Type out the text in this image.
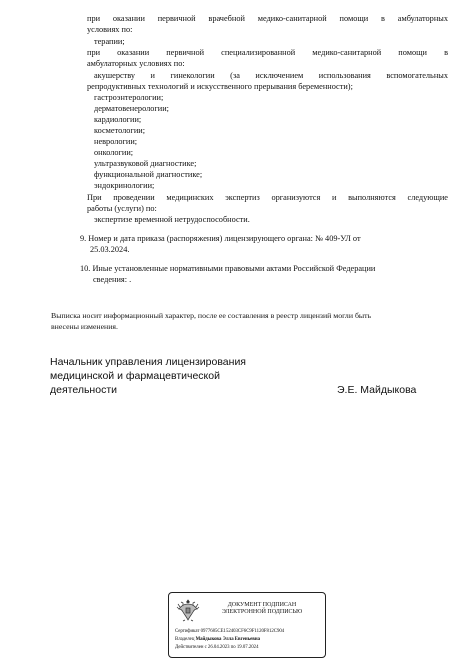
при оказании первичной врачебной медико-санитарной помощи в амбулаторных
условиях по:
терапии;
при оказании первичной специализированной медико-санитарной помощи в
амбулаторных условиях по:
акушерству и гинекологии (за исключением использования вспомогательных
репродуктивных технологий и искусственного прерывания беременности);
гастроэнтерологии;
дерматовенерологии;
кардиологии;
косметологии;
неврологии;
онкологии;
ультразвуковой диагностике;
функциональной диагностике;
эндокринологии;
При проведении медицинских экспертиз организуются и выполняются следующие
работы (услуги) по:
экспертизе временной нетрудоспособности.
9. Номер и дата приказа (распоряжения) лицензирующего органа: № 409-УЛ от
25.03.2024.
10. Иные установленные нормативными правовыми актами Российской Федерации
сведения: .
Выписка носит информационный характер, после ее составления в реестр лицензий могли быть
внесены изменения.
Начальник управления лицензирования
медицинской и фармацевтической
деятельности	Э.Е. Майдыкова
ДОКУМЕНТ ПОДПИСАН
ЭЛЕКТРОННОЙ ПОДПИСЬЮ
Сертификат 0977685CE152403CF6C9F1120F812C904
Владелец Майдыкова Элла Евгеньевна
Действителен с 26.04.2023 по 19.07.2024
